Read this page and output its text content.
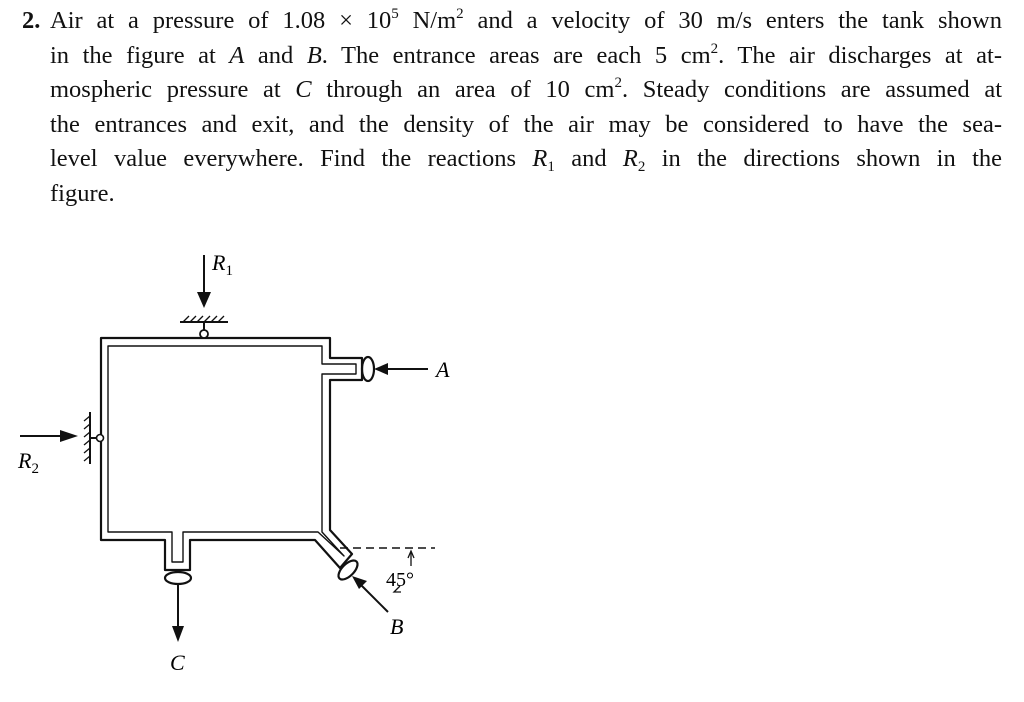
2. Air at a pressure of $1.08 \times 10^5$ $N/m^2$ and a velocity of 30 m/s enters the tank shown
in the figure at A and B. The entrance areas are each 5 $cm^2$. The air discharges at at-
mospheric pressure at C through an area of 10 $cm^2$. Steady conditions are assumed at
the entrances and exit, and the density of the air may be considered to have the sea-
level value everywhere. Find the reactions $R_1$ and $R_2$ in the directions shown in the
figure.
$R_1$
$R_2$
A
45°
B
C
